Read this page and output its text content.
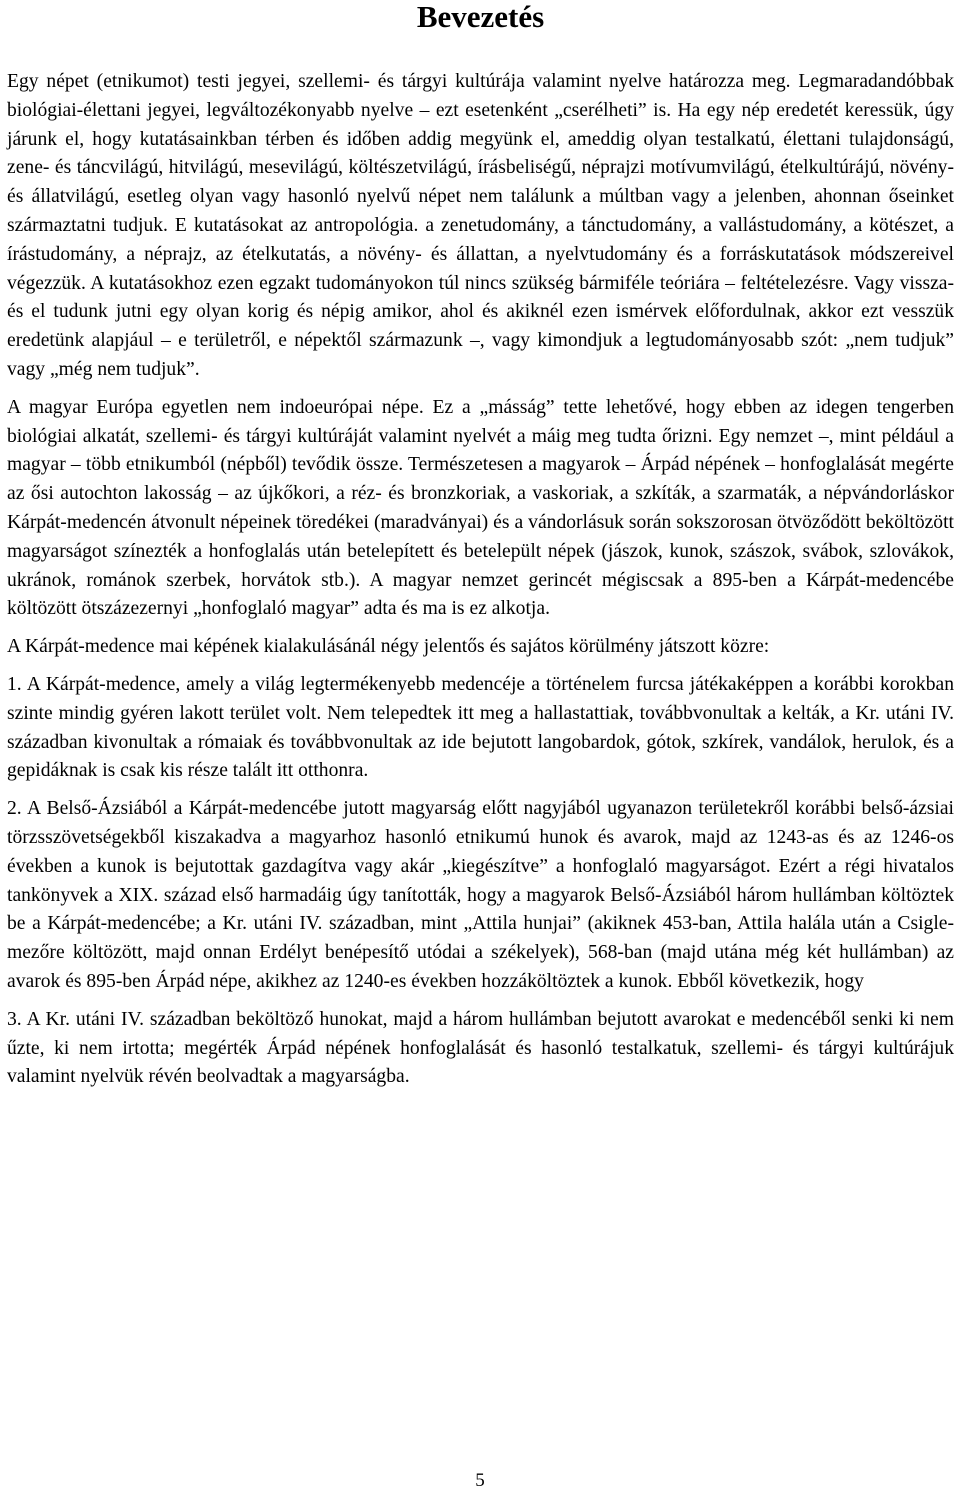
Bevezetés

Egy népet (etnikumot) testi jegyei, szellemi- és tárgyi kultúrája valamint nyelve határozza meg. Legmaradandóbbak biológiai-élettani jegyei, legváltozékonyabb nyelve – ezt esetenként „cserélheti” is. Ha egy nép eredetét keressük, úgy járunk el, hogy kutatásainkban térben és időben addig megyünk el, ameddig olyan testalkatú, élettani tulajdonságú, zene- és táncvilágú, hitvilágú, mesevilágú, költészetvilágú, írásbeliségű, néprajzi motívumvilágú, ételkultúrájú, növény- és állatvilágú, esetleg olyan vagy hasonló nyelvű népet nem találunk a múltban vagy a jelenben, ahonnan őseinket származtatni tudjuk. E kutatásokat az antropológia. a zenetudomány, a tánctudomány, a vallástudomány, a kötészet, a írástudomány, a néprajz, az ételkutatás, a növény- és állattan, a nyelvtudomány és a forráskutatások módszereivel végezzük. A kutatásokhoz ezen egzakt tudományokon túl nincs szükség bármiféle teóriára – feltételezésre. Vagy vissza- és el tudunk jutni egy olyan korig és népig amikor, ahol és akiknél ezen ismérvek előfordulnak, akkor ezt vesszük eredetünk alapjául – e területről, e népektől származunk –, vagy kimondjuk a legtudományosabb szót: „nem tudjuk” vagy „még nem tudjuk”.

A magyar Európa egyetlen nem indoeurópai népe. Ez a „másság” tette lehetővé, hogy ebben az idegen tengerben biológiai alkatát, szellemi- és tárgyi kultúráját valamint nyelvét a máig meg tudta őrizni. Egy nemzet –, mint például a magyar – több etnikumból (népből) tevődik össze. Természetesen a magyarok – Árpád népének – honfoglalását megérte az ősi autochton lakosság – az újkőkori, a réz- és bronzkoriak, a vaskoriak, a szkíták, a szarmaták, a népvándorláskor Kárpát-medencén átvonult népeinek töredékei (maradványai) és a vándorlásuk során sokszorosan ötvöződött beköltözött magyarságot színezték a honfoglalás után betelepített és betelepült népek (jászok, kunok, szászok, svábok, szlovákok, ukránok, románok szerbek, horvátok stb.). A magyar nemzet gerincét mégiscsak a 895-ben a Kárpát-medencébe költözött ötszázezernyi „honfoglaló magyar” adta és ma is ez alkotja.

A Kárpát-medence mai képének kialakulásánál négy jelentős és sajátos körülmény játszott közre:

1. A Kárpát-medence, amely a világ legtermékenyebb medencéje a történelem furcsa játékaképpen a korábbi korokban szinte mindig gyéren lakott terület volt. Nem telepedtek itt meg a hallastattiak, továbbvonultak a kelták, a Kr. utáni IV. században kivonultak a rómaiak és továbbvonultak az ide bejutott langobardok, gótok, szkírek, vandálok, herulok, és a gepidáknak is csak kis része talált itt otthonra.

2. A Belső-Ázsiából a Kárpát-medencébe jutott magyarság előtt nagyjából ugyanazon területekről korábbi belső-ázsiai törzsszövetségekből kiszakadva a magyarhoz hasonló etnikumú hunok és avarok, majd az 1243-as és az 1246-os években a kunok is bejutottak gazdagítva vagy akár „kiegészítve” a honfoglaló magyarságot. Ezért a régi hivatalos tankönyvek a XIX. század első harmadáig úgy tanították, hogy a magyarok Belső-Ázsiából három hullámban költöztek be a Kárpát-medencébe; a Kr. utáni IV. században, mint „Attila hunjai” (akiknek 453-ban, Attila halála után a Csigle-mezőre költözött, majd onnan Erdélyt benépesítő utódai a székelyek), 568-ban (majd utána még két hullámban) az avarok és 895-ben Árpád népe, akikhez az 1240-es években hozzáköltöztek a kunok. Ebből következik, hogy

3. A Kr. utáni IV. században beköltöző hunokat, majd a három hullámban bejutott avarokat e medencéből senki ki nem űzte, ki nem irtotta; megérték Árpád népének honfoglalását és hasonló testalkatuk, szellemi- és tárgyi kultúrájuk valamint nyelvük révén beolvadtak a magyarságba.

5
